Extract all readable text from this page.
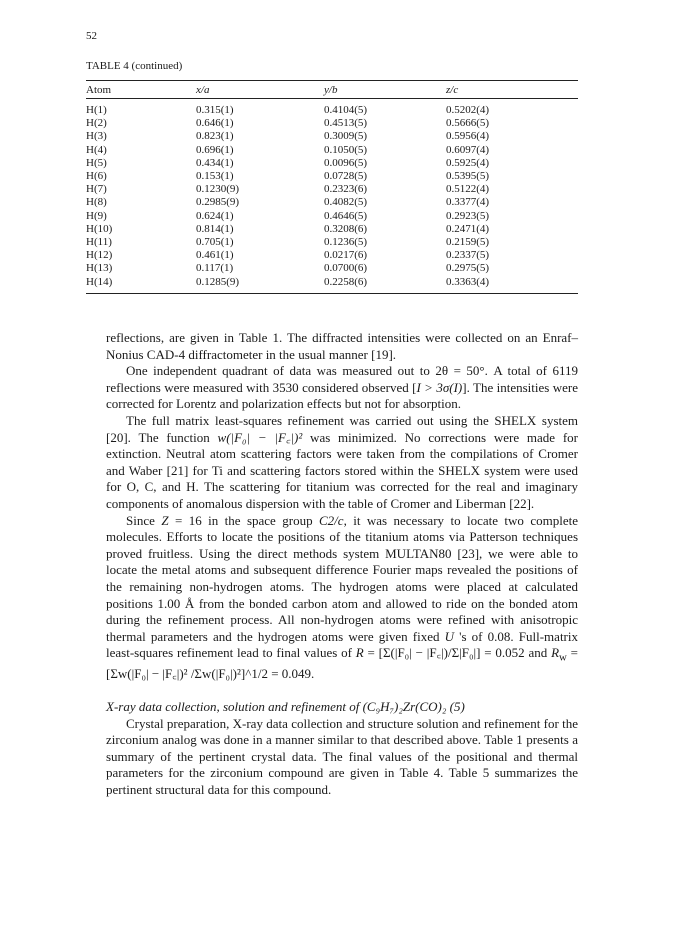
52
TABLE 4 (continued)
Atom	x/a	y/b	z/c
H(1)	0.315(1)	0.4104(5)	0.5202(4)
H(2)	0.646(1)	0.4513(5)	0.5666(5)
H(3)	0.823(1)	0.3009(5)	0.5956(4)
H(4)	0.696(1)	0.1050(5)	0.6097(4)
H(5)	0.434(1)	0.0096(5)	0.5925(4)
H(6)	0.153(1)	0.0728(5)	0.5395(5)
H(7)	0.1230(9)	0.2323(6)	0.5122(4)
H(8)	0.2985(9)	0.4082(5)	0.3377(4)
H(9)	0.624(1)	0.4646(5)	0.2923(5)
H(10)	0.814(1)	0.3208(6)	0.2471(4)
H(11)	0.705(1)	0.1236(5)	0.2159(5)
H(12)	0.461(1)	0.0217(6)	0.2337(5)
H(13)	0.117(1)	0.0700(6)	0.2975(5)
H(14)	0.1285(9)	0.2258(6)	0.3363(4)

reflections, are given in Table 1. The diffracted intensities were collected on an Enraf–Nonius CAD-4 diffractometer in the usual manner [19].

One independent quadrant of data was measured out to 2θ = 50°. A total of 6119 reflections were measured with 3530 considered observed [I > 3σ(I)]. The intensities were corrected for Lorentz and polarization effects but not for absorption.

The full matrix least-squares refinement was carried out using the SHELX system [20]. The function w(|F₀| − |F꜀|)² was minimized. No corrections were made for extinction. Neutral atom scattering factors were taken from the compilations of Cromer and Waber [21] for Ti and scattering factors stored within the SHELX system were used for O, C, and H. The scattering for titanium was corrected for the real and imaginary components of anomalous dispersion with the table of Cromer and Liberman [22].

Since Z = 16 in the space group C2/c, it was necessary to locate two complete molecules. Efforts to locate the positions of the titanium atoms via Patterson techniques proved fruitless. Using the direct methods system MULTAN80 [23], we were able to locate the metal atoms and subsequent difference Fourier maps revealed the positions of the remaining non-hydrogen atoms. The hydrogen atoms were placed at calculated positions 1.00 Å from the bonded carbon atom and allowed to ride on the bonded atom during the refinement process. All non-hydrogen atoms were refined with anisotropic thermal parameters and the hydrogen atoms were given fixed U 's of 0.08. Full-matrix least-squares refinement lead to final values of R = [Σ(|F₀| − |F꜀|)/Σ|F₀|] = 0.052 and $R_w = [\Sigma w(|F_0|$ − |F꜀|)² /Σw(|F₀|)²]^1/2 = 0.049.

X-ray data collection, solution and refinement of (C₉H₇)₂Zr(CO)₂ (5)

Crystal preparation, X-ray data collection and structure solution and refinement for the zirconium analog was done in a manner similar to that described above. Table 1 presents a summary of the pertinent crystal data. The final values of the positional and thermal parameters for the zirconium compound are given in Table 4. Table 5 summarizes the pertinent structural data for this compound.
